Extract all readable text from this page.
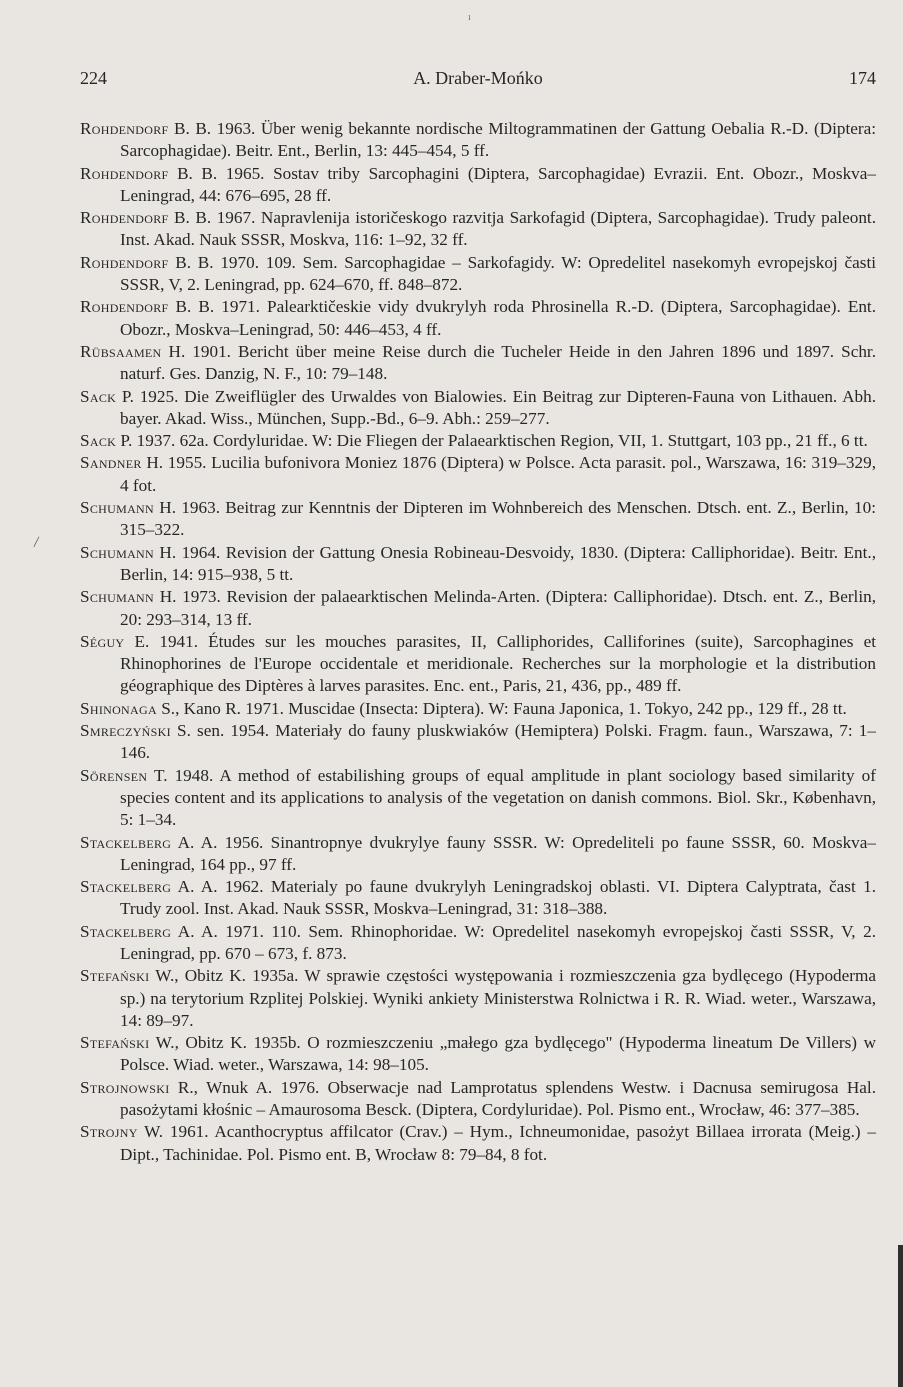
ı
224	A. Draber-Mońko	174
/

Rohdendorf B. B. 1963. Über wenig bekannte nordische Miltogrammatinen der Gattung Oebalia R.-D. (Diptera: Sarcophagidae). Beitr. Ent., Berlin, 13: 445–454, 5 ff.

Rohdendorf B. B. 1965. Sostav triby Sarcophagini (Diptera, Sarcophagidae) Evrazii. Ent. Obozr., Moskva–Leningrad, 44: 676–695, 28 ff.

Rohdendorf B. B. 1967. Napravlenija istoričeskogo razvitja Sarkofagid (Diptera, Sarcophagidae). Trudy paleont. Inst. Akad. Nauk SSSR, Moskva, 116: 1–92, 32 ff.

Rohdendorf B. B. 1970. 109. Sem. Sarcophagidae – Sarkofagidy. W: Opredelitel nasekomyh evropejskoj časti SSSR, V, 2. Leningrad, pp. 624–670, ff. 848–872.

Rohdendorf B. B. 1971. Palearktičeskie vidy dvukrylyh roda Phrosinella R.-D. (Diptera, Sarcophagidae). Ent. Obozr., Moskva–Leningrad, 50: 446–453, 4 ff.

Rübsaamen H. 1901. Bericht über meine Reise durch die Tucheler Heide in den Jahren 1896 und 1897. Schr. naturf. Ges. Danzig, N. F., 10: 79–148.

Sack P. 1925. Die Zweiflügler des Urwaldes von Bialowies. Ein Beitrag zur Dipteren-Fauna von Lithauen. Abh. bayer. Akad. Wiss., München, Supp.-Bd., 6–9. Abh.: 259–277.

Sack P. 1937. 62a. Cordyluridae. W: Die Fliegen der Palaearktischen Region, VII, 1. Stuttgart, 103 pp., 21 ff., 6 tt.

Sandner H. 1955. Lucilia bufonivora Moniez 1876 (Diptera) w Polsce. Acta parasit. pol., Warszawa, 16: 319–329, 4 fot.

Schumann H. 1963. Beitrag zur Kenntnis der Dipteren im Wohnbereich des Menschen. Dtsch. ent. Z., Berlin, 10: 315–322.

Schumann H. 1964. Revision der Gattung Onesia Robineau-Desvoidy, 1830. (Diptera: Calliphoridae). Beitr. Ent., Berlin, 14: 915–938, 5 tt.

Schumann H. 1973. Revision der palaearktischen Melinda-Arten. (Diptera: Calliphoridae). Dtsch. ent. Z., Berlin, 20: 293–314, 13 ff.

Séguy E. 1941. Études sur les mouches parasites, II, Calliphorides, Calliforines (suite), Sarcophagines et Rhinophorines de l'Europe occidentale et meridionale. Recherches sur la morphologie et la distribution géographique des Diptères à larves parasites. Enc. ent., Paris, 21, 436, pp., 489 ff.

Shinonaga S., Kano R. 1971. Muscidae (Insecta: Diptera). W: Fauna Japonica, 1. Tokyo, 242 pp., 129 ff., 28 tt.

Smreczyński S. sen. 1954. Materiały do fauny pluskwiaków (Hemiptera) Polski. Fragm. faun., Warszawa, 7: 1–146.

Sörensen T. 1948. A method of estabilishing groups of equal amplitude in plant sociology based similarity of species content and its applications to analysis of the vegetation on danish commons. Biol. Skr., København, 5: 1–34.

Stackelberg A. A. 1956. Sinantropnye dvukrylye fauny SSSR. W: Opredeliteli po faune SSSR, 60. Moskva–Leningrad, 164 pp., 97 ff.

Stackelberg A. A. 1962. Materialy po faune dvukrylyh Leningradskoj oblasti. VI. Diptera Calyptrata, čast 1. Trudy zool. Inst. Akad. Nauk SSSR, Moskva–Leningrad, 31: 318–388.

Stackelberg A. A. 1971. 110. Sem. Rhinophoridae. W: Opredelitel nasekomyh evropejskoj časti SSSR, V, 2. Leningrad, pp. 670 – 673, f. 873.

Stefański W., Obitz K. 1935a. W sprawie częstości występowania i rozmieszczenia gza bydlęcego (Hypoderma sp.) na terytorium Rzplitej Polskiej. Wyniki ankiety Ministerstwa Rolnictwa i R. R. Wiad. weter., Warszawa, 14: 89–97.

Stefański W., Obitz K. 1935b. O rozmieszczeniu „małego gza bydlęcego" (Hypoderma lineatum De Villers) w Polsce. Wiad. weter., Warszawa, 14: 98–105.

Strojnowski R., Wnuk A. 1976. Obserwacje nad Lamprotatus splendens Westw. i Dacnusa semirugosa Hal. pasożytami kłośnic – Amaurosoma Besck. (Diptera, Cordyluridae). Pol. Pismo ent., Wrocław, 46: 377–385.

Strojny W. 1961. Acanthocryptus affilcator (Crav.) – Hym., Ichneumonidae, pasożyt Billaea irrorata (Meig.) – Dipt., Tachinidae. Pol. Pismo ent. B, Wrocław 8: 79–84, 8 fot.
